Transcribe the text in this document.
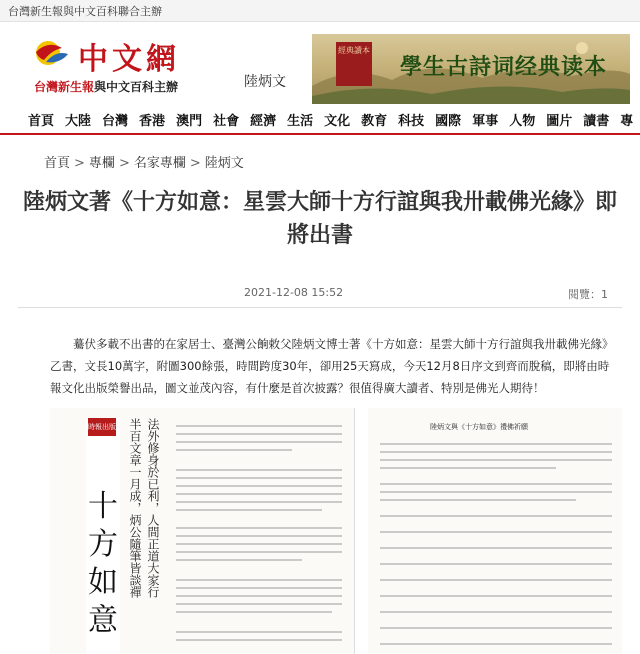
台灣新生報與中文百科聯合主辦
中文網
台灣新生報與中文百科主辦	陸炳文
經典讀本
學生古詩词经典读本
首頁 大陸 台灣 香港 澳門 社會 經濟 生活 文化 教育 科技 國際 軍事 人物 圖片 讀書 專
首頁 > 專欄 > 名家專欄 > 陸炳文
陸炳文著《十方如意：星雲大師十方行誼與我卅載佛光緣》即將出書
2021-12-08 15:52	閱覽：1

　　驀伏多載不出書的在家居士、臺灣公餉敕父陸炳文博士著《十方如意：星雲大師十方行誼與我卅載佛光緣》乙書，文長10萬字，附圖300餘張，時間跨度30年，卻用25天寫成，今天12月8日序文到齊而脫稿，即將由時報文化出版榮譽出品，圖文並茂內容，有什麼是首次披露？很值得廣大讀者、特別是佛光人期待！

時報出版
十方如意
半百文章一月成，炳公隨筆皆談禪 法外修身於已利，人間正道大家行	陸炳文與《十方如意》禮佛祈願
